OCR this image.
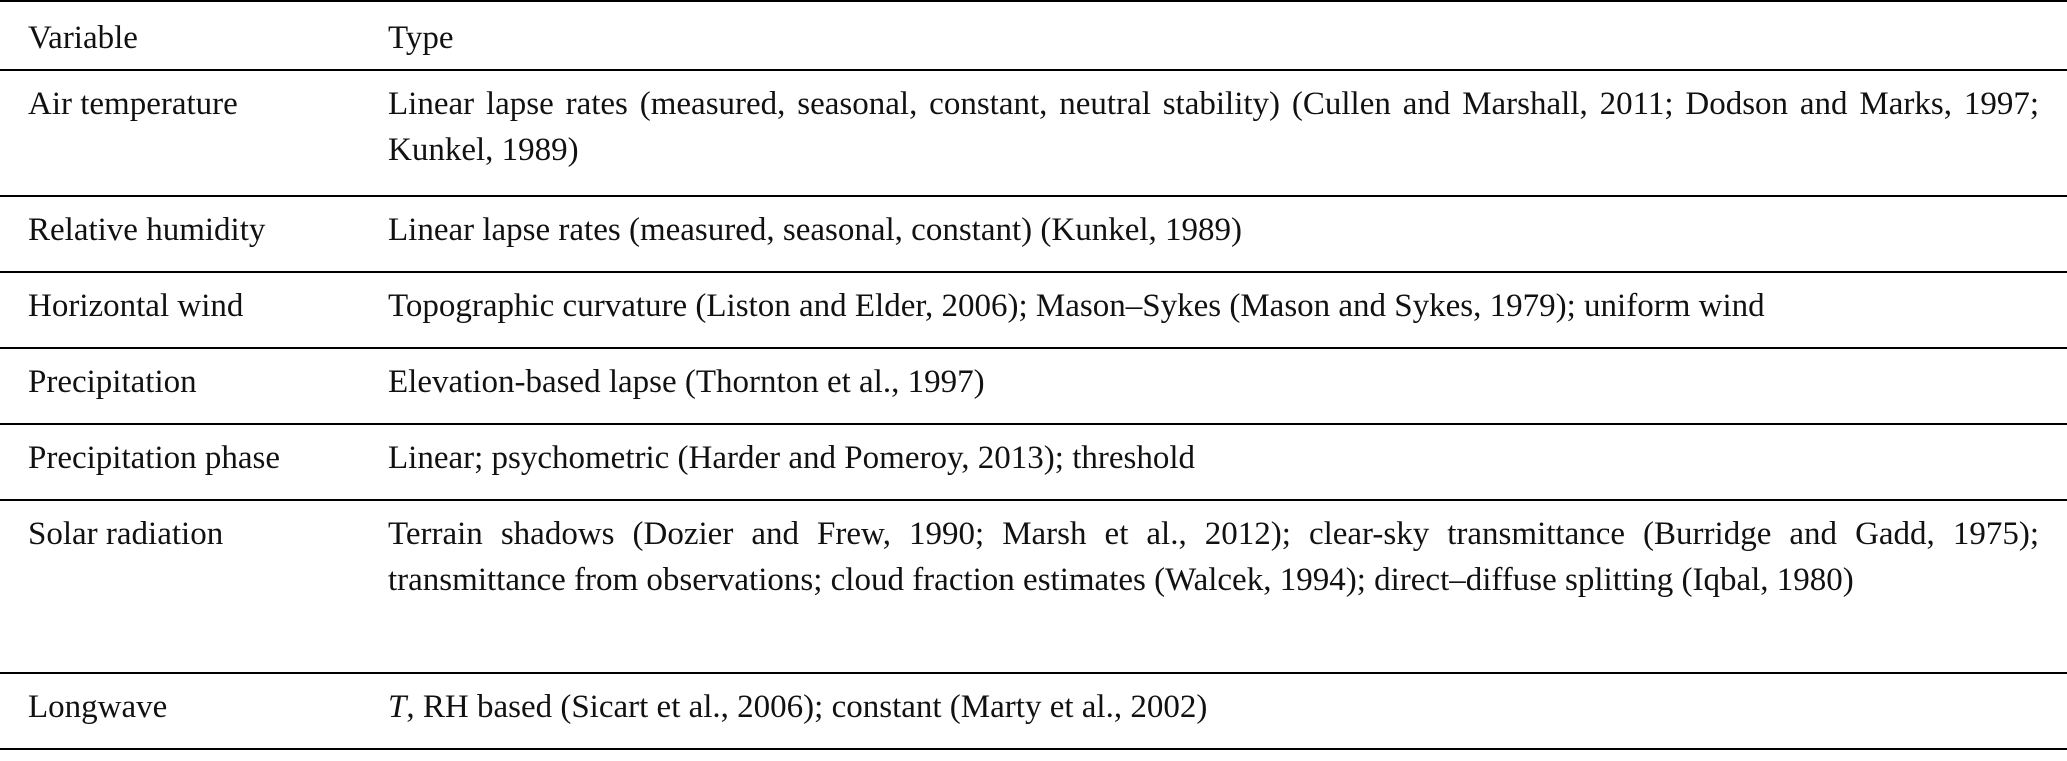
Variable	Type
Air temperature	Linear lapse rates (measured, seasonal, constant, neutral stability) (Cullen and Marshall, 2011; Dodson and Marks, 1997; Kunkel, 1989)
Relative humidity	Linear lapse rates (measured, seasonal, constant) (Kunkel, 1989)
Horizontal wind	Topographic curvature (Liston and Elder, 2006); Mason–Sykes (Mason and Sykes, 1979); uniform wind
Precipitation	Elevation-based lapse (Thornton et al., 1997)
Precipitation phase	Linear; psychometric (Harder and Pomeroy, 2013); threshold
Solar radiation	Terrain shadows (Dozier and Frew, 1990; Marsh et al., 2012); clear-sky transmittance (Burridge and Gadd, 1975); transmittance from observations; cloud fraction estimates (Walcek, 1994); direct–diffuse splitting (Iqbal, 1980)
Longwave	T, RH based (Sicart et al., 2006); constant (Marty et al., 2002)
